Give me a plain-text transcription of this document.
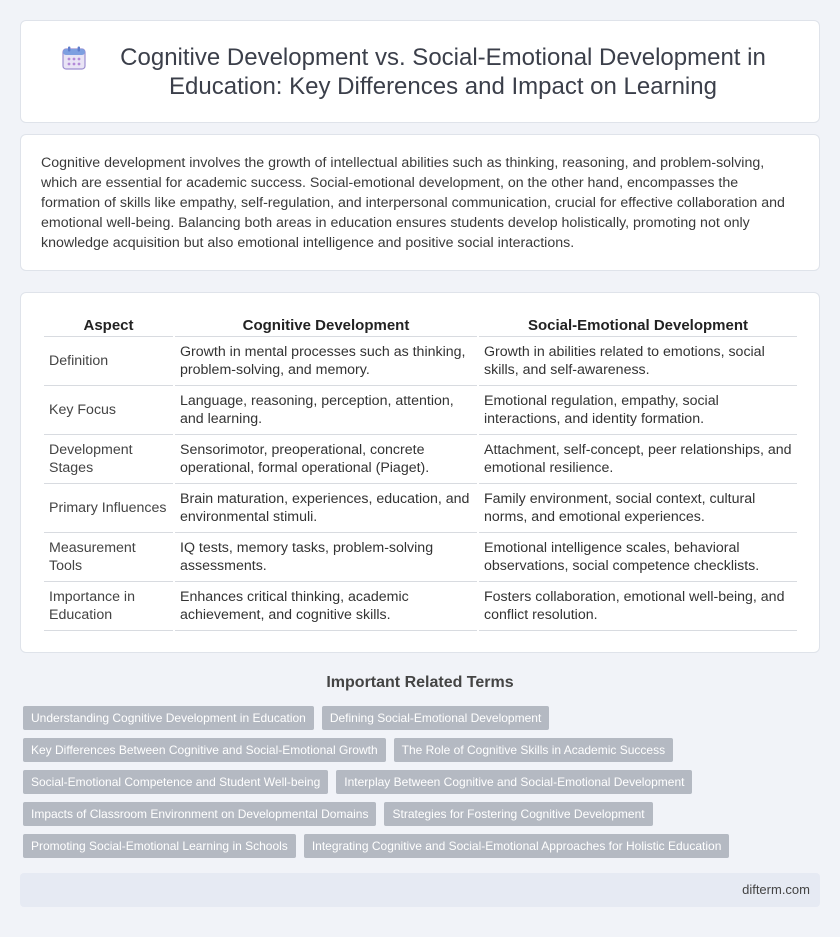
Cognitive Development vs. Social-Emotional Development in Education: Key Differences and Impact on Learning

Cognitive development involves the growth of intellectual abilities such as thinking, reasoning, and problem-solving, which are essential for academic success. Social-emotional development, on the other hand, encompasses the formation of skills like empathy, self-regulation, and interpersonal communication, crucial for effective collaboration and emotional well-being. Balancing both areas in education ensures students develop holistically, promoting not only knowledge acquisition but also emotional intelligence and positive social interactions.

Aspect	Cognitive Development	Social-Emotional Development
Definition	Growth in mental processes such as thinking, problem-solving, and memory.	Growth in abilities related to emotions, social skills, and self-awareness.
Key Focus	Language, reasoning, perception, attention, and learning.	Emotional regulation, empathy, social interactions, and identity formation.
Development Stages	Sensorimotor, preoperational, concrete operational, formal operational (Piaget).	Attachment, self-concept, peer relationships, and emotional resilience.
Primary Influences	Brain maturation, experiences, education, and environmental stimuli.	Family environment, social context, cultural norms, and emotional experiences.
Measurement Tools	IQ tests, memory tasks, problem-solving assessments.	Emotional intelligence scales, behavioral observations, social competence checklists.
Importance in Education	Enhances critical thinking, academic achievement, and cognitive skills.	Fosters collaboration, emotional well-being, and conflict resolution.
Important Related Terms
Understanding Cognitive Development in Education	Defining Social-Emotional Development
Key Differences Between Cognitive and Social-Emotional Growth	The Role of Cognitive Skills in Academic Success
Social-Emotional Competence and Student Well-being	Interplay Between Cognitive and Social-Emotional Development
Impacts of Classroom Environment on Developmental Domains	Strategies for Fostering Cognitive Development
Promoting Social-Emotional Learning in Schools	Integrating Cognitive and Social-Emotional Approaches for Holistic Education
difterm.com
